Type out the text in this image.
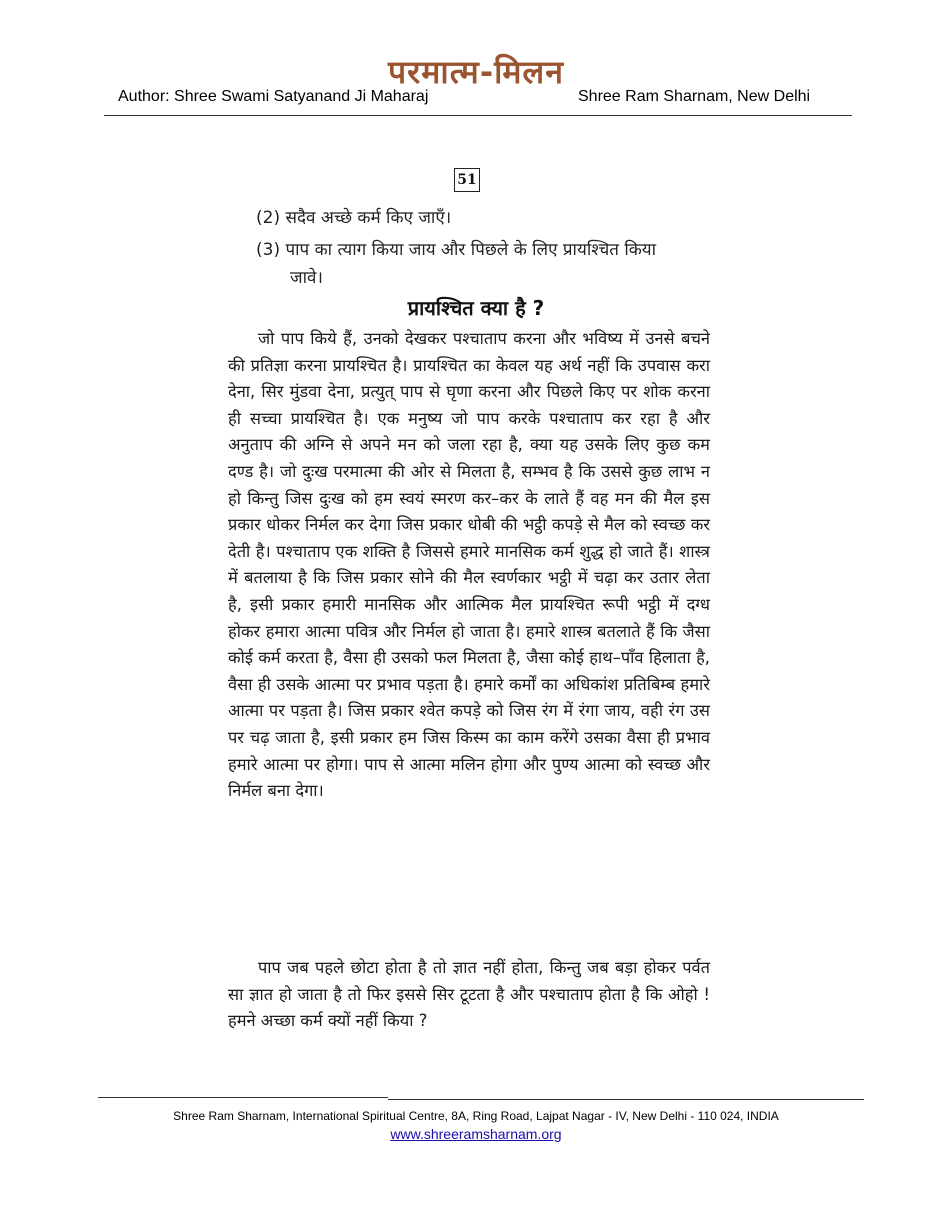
परमात्म-मिलन
Author: Shree Swami Satyanand Ji Maharaj	Shree Ram Sharnam, New Delhi
51
(2) सदैव अच्छे कर्म किए जाएँ।
(3) पाप का त्याग किया जाय और पिछले के लिए प्रायश्चित किया
जावे।
प्रायश्चित क्या है ?

जो पाप किये हैं, उनको देखकर पश्चाताप करना और भविष्य में उनसे बचने की प्रतिज्ञा करना प्रायश्चित है। प्रायश्चित का केवल यह अर्थ नहीं कि उपवास करा देना, सिर मुंडवा देना, प्रत्युत् पाप से घृणा करना और पिछले किए पर शोक करना ही सच्चा प्रायश्चित है। एक मनुष्य जो पाप करके पश्चाताप कर रहा है और अनुताप की अग्नि से अपने मन को जला रहा है, क्या यह उसके लिए कुछ कम दण्ड है। जो दुःख परमात्मा की ओर से मिलता है, सम्भव है कि उससे कुछ लाभ न हो किन्तु जिस दुःख को हम स्वयं स्मरण कर–कर के लाते हैं वह मन की मैल इस प्रकार धोकर निर्मल कर देगा जिस प्रकार धोबी की भट्ठी कपड़े से मैल को स्वच्छ कर देती है। पश्चाताप एक शक्ति है जिससे हमारे मानसिक कर्म शुद्ध हो जाते हैं। शास्त्र में बतलाया है कि जिस प्रकार सोने की मैल स्वर्णकार भट्ठी में चढ़ा कर उतार लेता है, इसी प्रकार हमारी मानसिक और आत्मिक मैल प्रायश्चित रूपी भट्ठी में दग्ध होकर हमारा आत्मा पवित्र और निर्मल हो जाता है। हमारे शास्त्र बतलाते हैं कि जैसा कोई कर्म करता है, वैसा ही उसको फल मिलता है, जैसा कोई हाथ–पाँव हिलाता है, वैसा ही उसके आत्मा पर प्रभाव पड़ता है। हमारे कर्मों का अधिकांश प्रतिबिम्ब हमारे आत्मा पर पड़ता है। जिस प्रकार श्वेत कपड़े को जिस रंग में रंगा जाय, वही रंग उस पर चढ़ जाता है, इसी प्रकार हम जिस किस्म का काम करेंगे उसका वैसा ही प्रभाव हमारे आत्मा पर होगा। पाप से आत्मा मलिन होगा और पुण्य आत्मा को स्वच्छ और निर्मल बना देगा।

पाप जब पहले छोटा होता है तो ज्ञात नहीं होता, किन्तु जब बड़ा होकर पर्वत सा ज्ञात हो जाता है तो फिर इससे सिर टूटता है और पश्चाताप होता है कि ओहो ! हमने अच्छा कर्म क्यों नहीं किया ?

Shree Ram Sharnam, International Spiritual Centre, 8A, Ring Road, Lajpat Nagar - IV, New Delhi - 110 024, INDIA
www.shreeramsharnam.org
